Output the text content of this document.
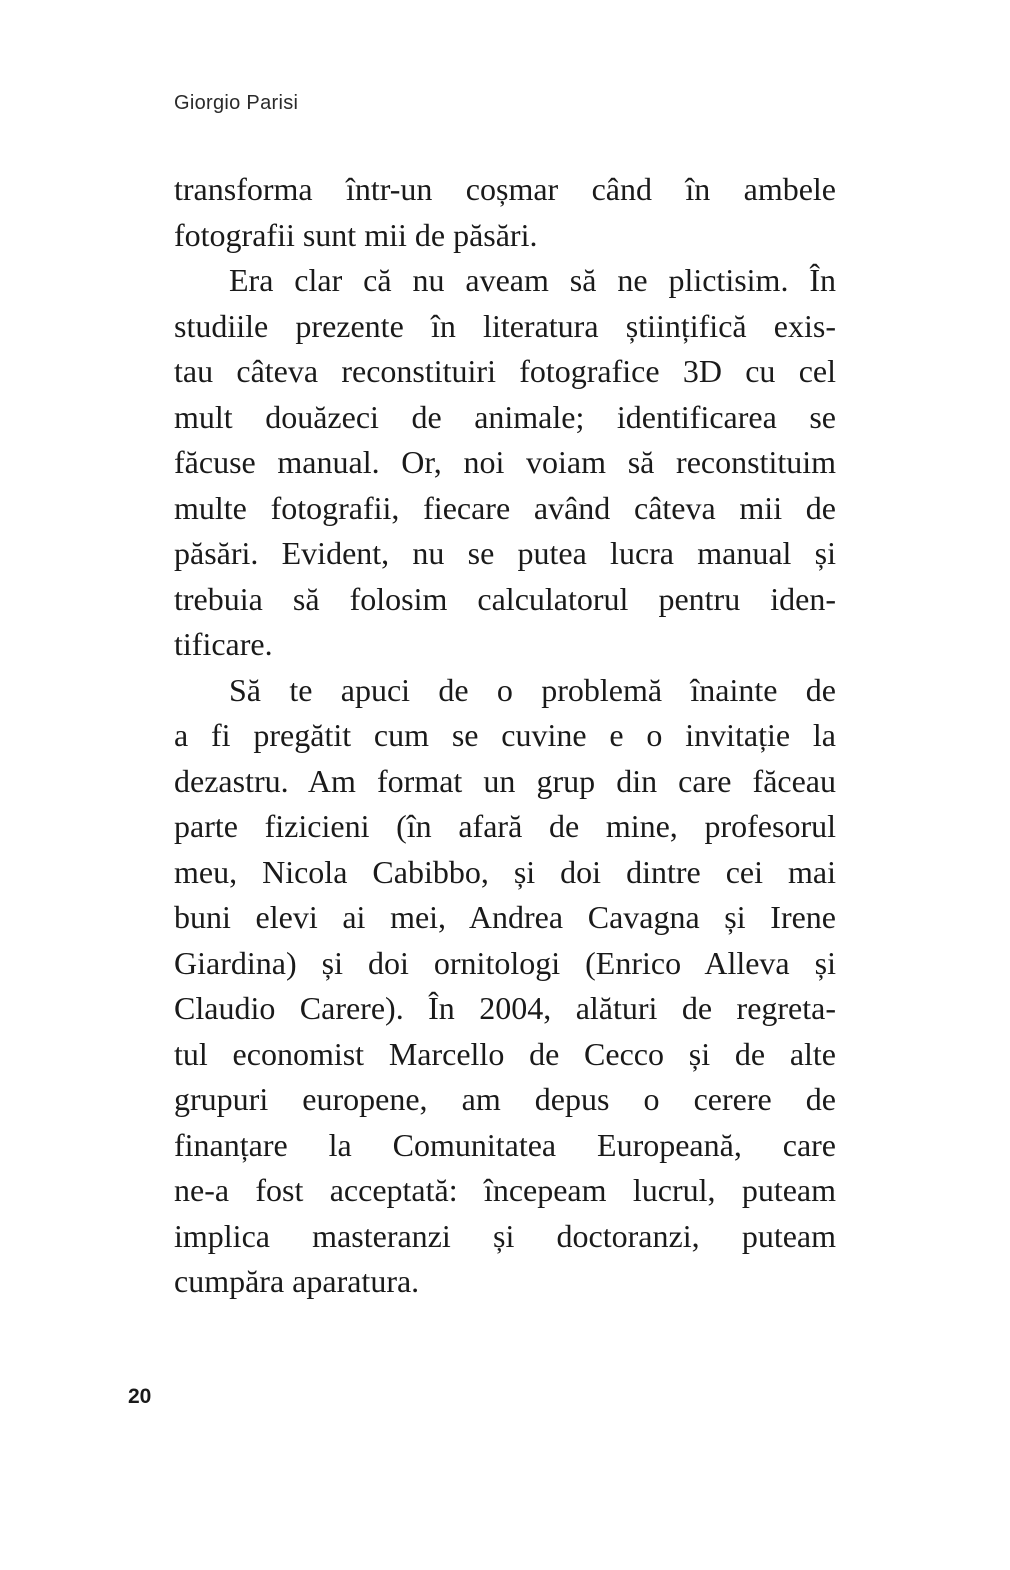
Giorgio Parisi
transforma într-un coșmar când în ambele
fotografii sunt mii de păsări.
Era clar că nu aveam să ne plictisim. În
studiile prezente în literatura științifică exis-
tau câteva reconstituiri fotografice 3D cu cel
mult douăzeci de animale; identificarea se
făcuse manual. Or, noi voiam să reconstituim
multe fotografii, fiecare având câteva mii de
păsări. Evident, nu se putea lucra manual și
trebuia să folosim calculatorul pentru iden-
tificare.
Să te apuci de o problemă înainte de
a fi pregătit cum se cuvine e o invitație la
dezastru. Am format un grup din care făceau
parte fizicieni (în afară de mine, profesorul
meu, Nicola Cabibbo, și doi dintre cei mai
buni elevi ai mei, Andrea Cavagna și Irene
Giardina) și doi ornitologi (Enrico Alleva și
Claudio Carere). În 2004, alături de regreta-
tul economist Marcello de Cecco și de alte
grupuri europene, am depus o cerere de
finanțare la Comunitatea Europeană, care
ne-a fost acceptată: începeam lucrul, puteam
implica masteranzi și doctoranzi, puteam
cumpăra aparatura.
20
